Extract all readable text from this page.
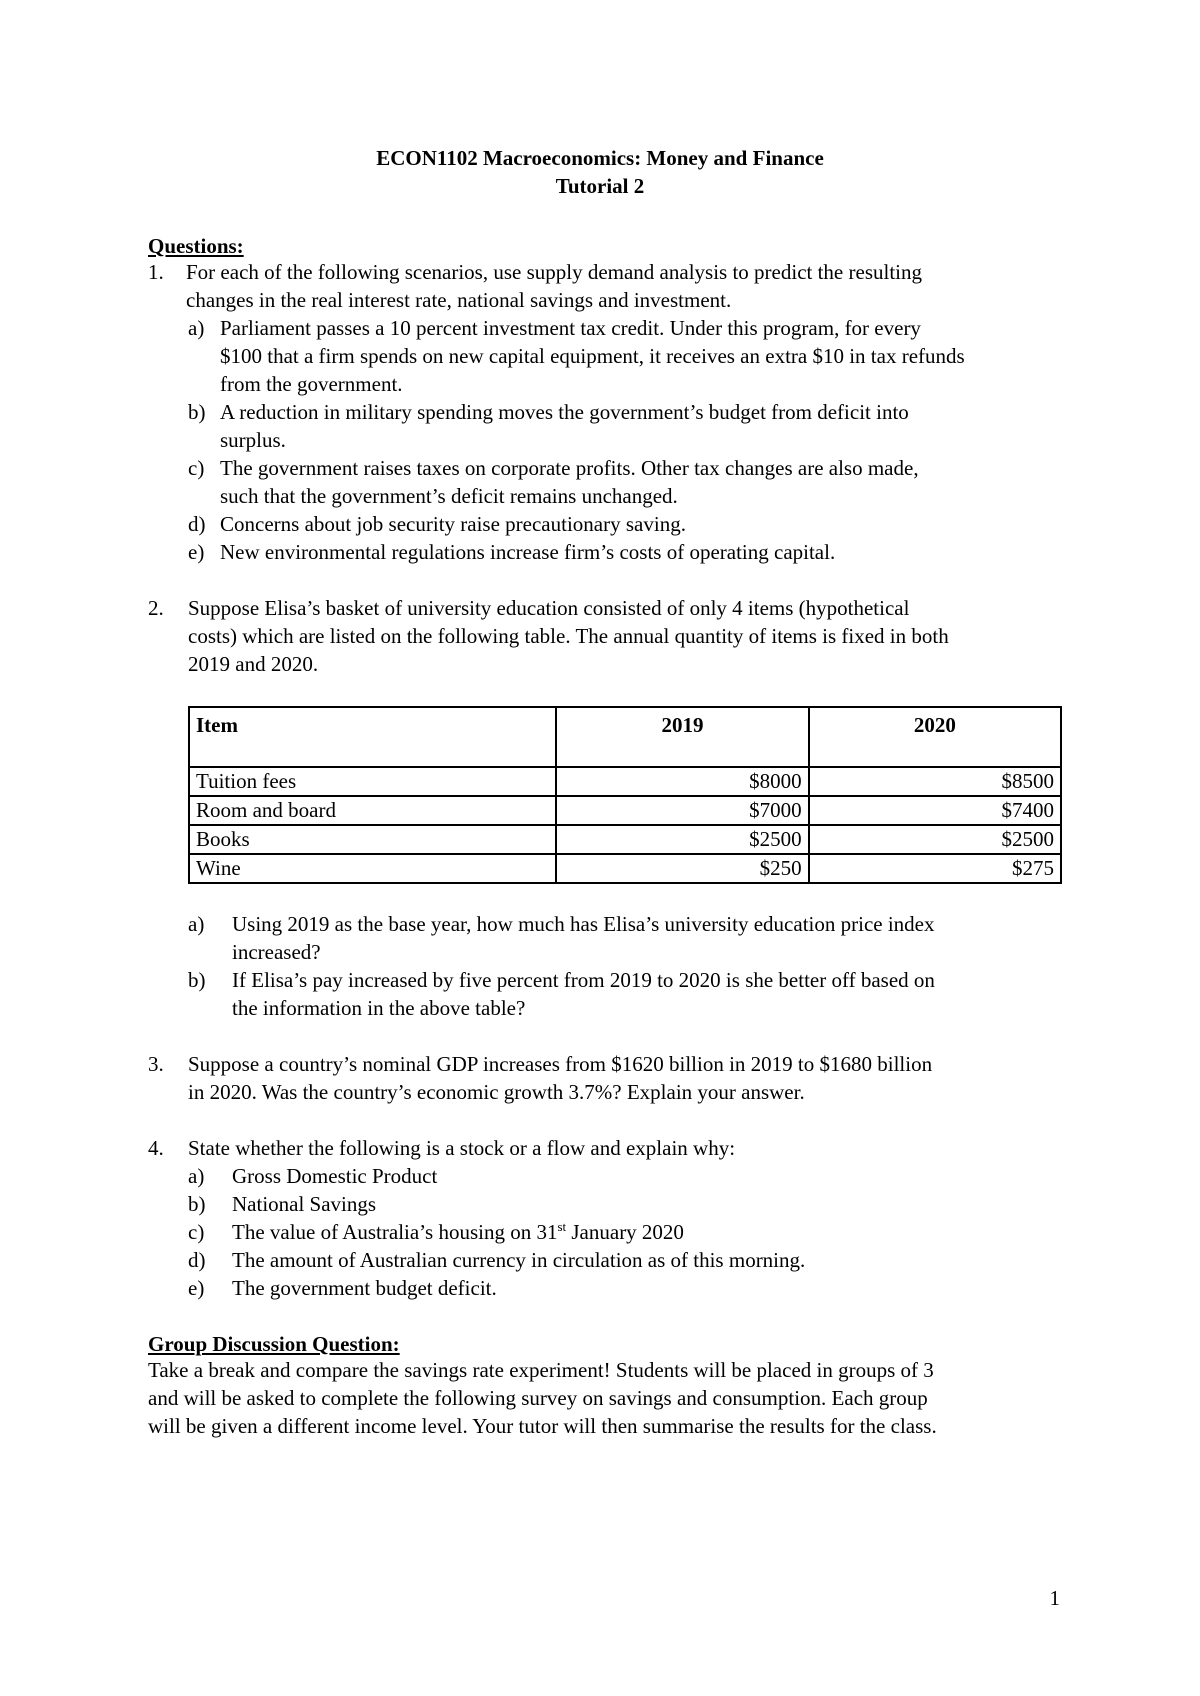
ECON1102 Macroeconomics: Money and Finance
Tutorial 2
Questions:
1. For each of the following scenarios, use supply demand analysis to predict the resulting
changes in the real interest rate, national savings and investment.
a) Parliament passes a 10 percent investment tax credit. Under this program, for every
$100 that a firm spends on new capital equipment, it receives an extra $10 in tax refunds
from the government.
b) A reduction in military spending moves the government’s budget from deficit into
surplus.
c) The government raises taxes on corporate profits. Other tax changes are also made,
such that the government’s deficit remains unchanged.
d) Concerns about job security raise precautionary saving.
e) New environmental regulations increase firm’s costs of operating capital.
2. Suppose Elisa’s basket of university education consisted of only 4 items (hypothetical
costs) which are listed on the following table. The annual quantity of items is fixed in both
2019 and 2020.
Item	2019	2020
Tuition fees	$8000	$8500
Room and board	$7000	$7400
Books	$2500	$2500
Wine	$250	$275
a) Using 2019 as the base year, how much has Elisa’s university education price index
increased?
b) If Elisa’s pay increased by five percent from 2019 to 2020 is she better off based on
the information in the above table?
3. Suppose a country’s nominal GDP increases from $1620 billion in 2019 to $1680 billion
in 2020. Was the country’s economic growth 3.7%? Explain your answer.
4. State whether the following is a stock or a flow and explain why:
a) Gross Domestic Product
b) National Savings
c) The value of Australia’s housing on 31st January 2020
d) The amount of Australian currency in circulation as of this morning.
e) The government budget deficit.
Group Discussion Question:
Take a break and compare the savings rate experiment! Students will be placed in groups of 3
and will be asked to complete the following survey on savings and consumption. Each group
will be given a different income level. Your tutor will then summarise the results for the class.
1
